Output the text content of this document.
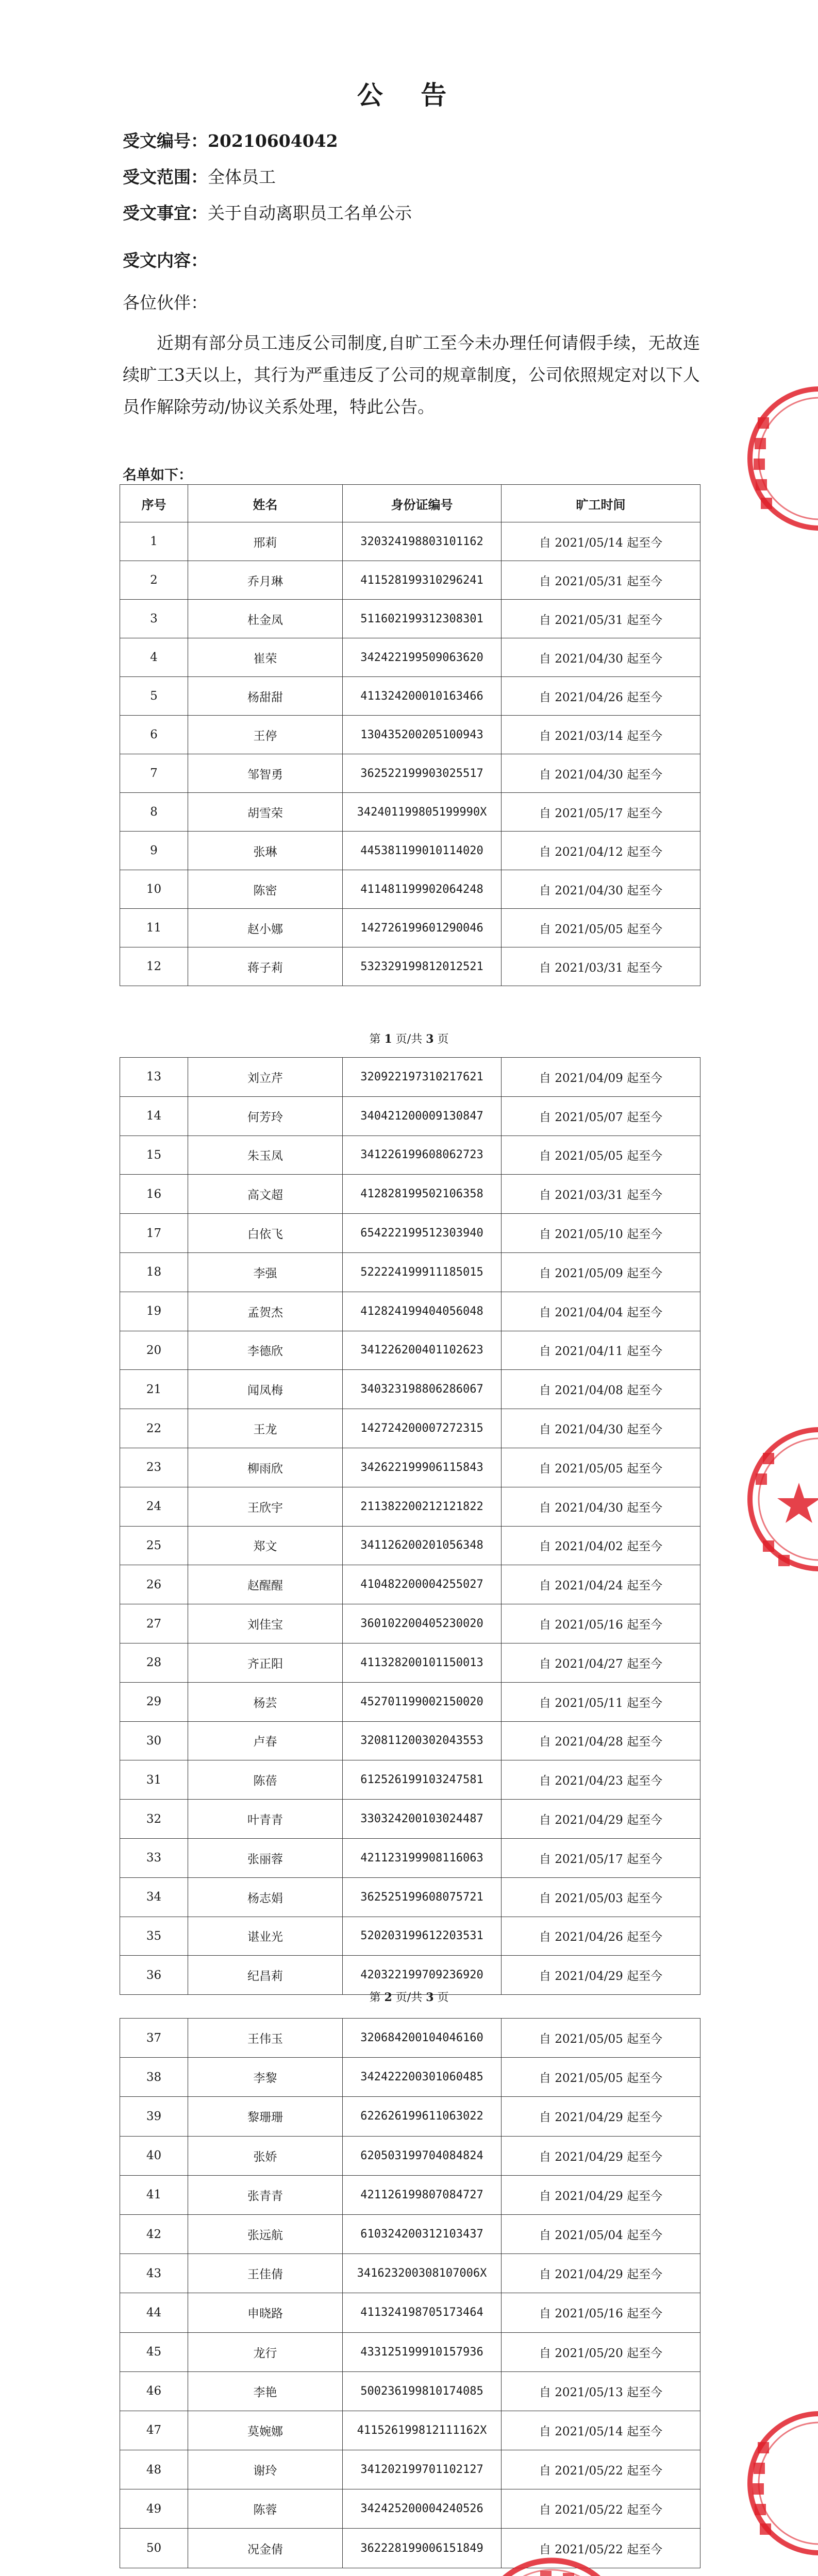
公 告
受文编号：20210604042
受文范围：全体员工
受文事宜：关于自动离职员工名单公示
受文内容：
各位伙伴：
近期有部分员工违反公司制度,自旷工至今未办理任何请假手续，无故连续旷工3天以上，其行为严重违反了公司的规章制度，公司依照规定对以下人员作解除劳动/协议关系处理，特此公告。
名单如下：
序号	姓名	身份证编号	旷工时间
1	邢莉	320324198803101162	自 2021/05/14 起至今
2	乔月琳	411528199310296241	自 2021/05/31 起至今
3	杜金凤	511602199312308301	自 2021/05/31 起至今
4	崔荣	342422199509063620	自 2021/04/30 起至今
5	杨甜甜	411324200010163466	自 2021/04/26 起至今
6	王停	130435200205100943	自 2021/03/14 起至今
7	邹智勇	362522199903025517	自 2021/04/30 起至今
8	胡雪荣	342401199805199990X	自 2021/05/17 起至今
9	张琳	445381199010114020	自 2021/04/12 起至今
10	陈密	411481199902064248	自 2021/04/30 起至今
11	赵小娜	142726199601290046	自 2021/05/05 起至今
12	蒋子莉	532329199812012521	自 2021/03/31 起至今
第 1 页/共 3 页
13	刘立芹	320922197310217621	自 2021/04/09 起至今
14	何芳玲	340421200009130847	自 2021/05/07 起至今
15	朱玉凤	341226199608062723	自 2021/05/05 起至今
16	高文超	412828199502106358	自 2021/03/31 起至今
17	白依飞	654222199512303940	自 2021/05/10 起至今
18	李强	522224199911185015	自 2021/05/09 起至今
19	孟贺杰	412824199404056048	自 2021/04/04 起至今
20	李德欣	341226200401102623	自 2021/04/11 起至今
21	闻凤梅	340323198806286067	自 2021/04/08 起至今
22	王龙	142724200007272315	自 2021/04/30 起至今
23	柳雨欣	342622199906115843	自 2021/05/05 起至今
24	王欣宇	211382200212121822	自 2021/04/30 起至今
25	郑文	341126200201056348	自 2021/04/02 起至今
26	赵醒醒	410482200004255027	自 2021/04/24 起至今
27	刘佳宝	360102200405230020	自 2021/05/16 起至今
28	齐正阳	411328200101150013	自 2021/04/27 起至今
29	杨芸	452701199002150020	自 2021/05/11 起至今
30	卢春	320811200302043553	自 2021/04/28 起至今
31	陈蓓	612526199103247581	自 2021/04/23 起至今
32	叶青青	330324200103024487	自 2021/04/29 起至今
33	张丽蓉	421123199908116063	自 2021/05/17 起至今
34	杨志娟	362525199608075721	自 2021/05/03 起至今
35	谌业光	520203199612203531	自 2021/04/26 起至今
36	纪昌莉	420322199709236920	自 2021/04/29 起至今
第 2 页/共 3 页
37	王伟玉	320684200104046160	自 2021/05/05 起至今
38	李黎	342422200301060485	自 2021/05/05 起至今
39	黎珊珊	622626199611063022	自 2021/04/29 起至今
40	张娇	620503199704084824	自 2021/04/29 起至今
41	张青青	421126199807084727	自 2021/04/29 起至今
42	张远航	610324200312103437	自 2021/05/04 起至今
43	王佳倩	341623200308107006X	自 2021/04/29 起至今
44	申晓路	411324198705173464	自 2021/05/16 起至今
45	龙行	433125199910157936	自 2021/05/20 起至今
46	李艳	500236199810174085	自 2021/05/13 起至今
47	莫婉娜	411526199812111162X	自 2021/05/14 起至今
48	谢玲	341202199701102127	自 2021/05/22 起至今
49	陈蓉	342425200004240526	自 2021/05/22 起至今
50	况金倩	362228199006151849	自 2021/05/22 起至今
